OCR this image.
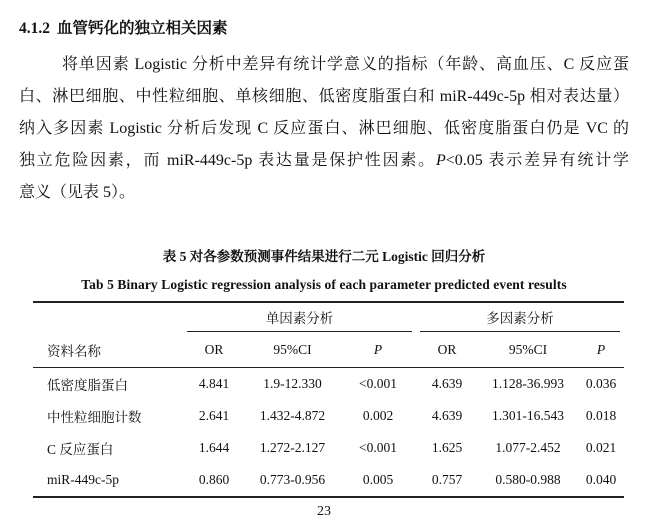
4.1.2 血管钙化的独立相关因素
将单因素 Logistic 分析中差异有统计学意义的指标（年龄、高血压、C 反应蛋
白、淋巴细胞、中性粒细胞、单核细胞、低密度脂蛋白和 miR-449c-5p 相对表达量）
纳入多因素 Logistic 分析后发现 C 反应蛋白、淋巴细胞、低密度脂蛋白仍是 VC 的
独立危险因素，而 miR-449c-5p 表达量是保护性因素。P<0.05 表示差异有统计学
意义（见表 5）。
表 5 对各参数预测事件结果进行二元 Logistic 回归分析
Tab 5 Binary Logistic regression analysis of each parameter predicted event results

	单因素分析			多因素分析		

资料名称	OR	95%CI	P	OR	95%CI	P
低密度脂蛋白	4.841	1.9-12.330	<0.001	4.639	1.128-36.993	0.036
中性粒细胞计数	2.641	1.432-4.872	0.002	4.639	1.301-16.543	0.018
C 反应蛋白	1.644	1.272-2.127	<0.001	1.625	1.077-2.452	0.021
miR-449c-5p	0.860	0.773-0.956	0.005	0.757	0.580-0.988	0.040
23
